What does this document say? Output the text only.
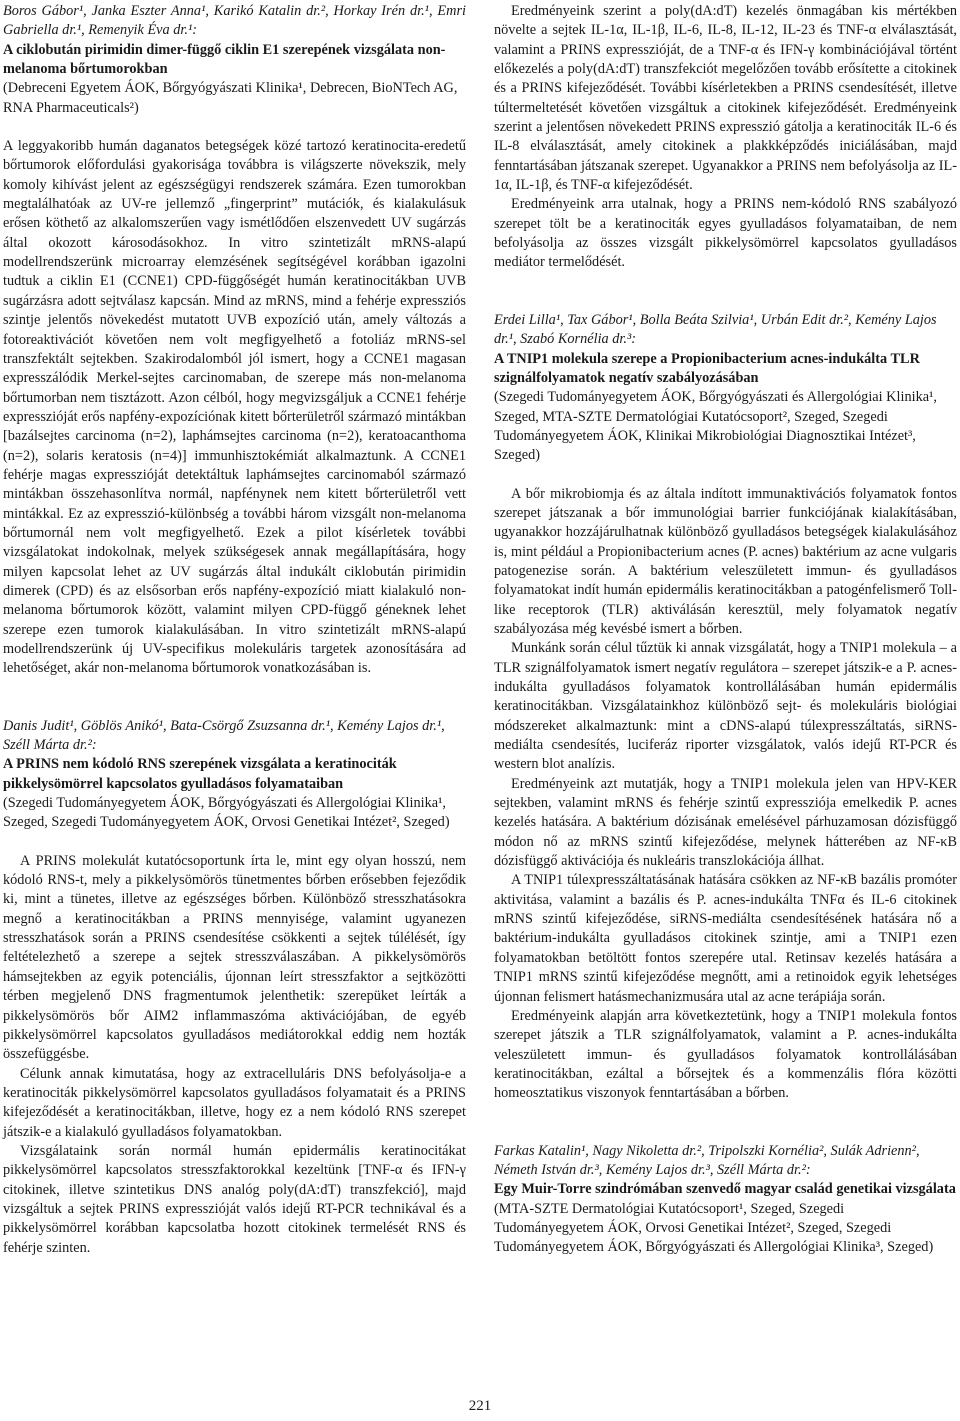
Boros Gábor¹, Janka Eszter Anna¹, Karikó Katalin dr.², Horkay Irén dr.¹, Emri Gabriella dr.¹, Remenyik Éva dr.¹:

A ciklobután pirimidin dimer-függő ciklin E1 szerepének vizsgálata non-melanoma bőrtumorokban

(Debreceni Egyetem ÁOK, Bőrgyógyászati Klinika¹, Debrecen, BioNTech AG, RNA Pharmaceuticals²)

A leggyakoribb humán daganatos betegségek közé tartozó keratinocita-eredetű bőrtumorok előfordulási gyakorisága továbbra is világszerte növekszik, mely komoly kihívást jelent az egészségügyi rendszerek számára. Ezen tumorokban megtalálhatóak az UV-re jellemző „fingerprint” mutációk, és kialakulásuk erősen köthető az alkalomszerűen vagy ismétlődően elszenvedett UV sugárzás által okozott károsodásokhoz. In vitro szintetizált mRNS-alapú modellrendszerünk microarray elemzésének segítségével korábban igazolni tudtuk a ciklin E1 (CCNE1) CPD-függőségét humán keratinocitákban UVB sugárzásra adott sejtválasz kapcsán. Mind az mRNS, mind a fehérje expressziós szintje jelentős növekedést mutatott UVB expozíció után, amely változás a fotoreaktivációt követően nem volt megfigyelhető a fotoliáz mRNS-sel transzfektált sejtekben. Szakirodalomból jól ismert, hogy a CCNE1 magasan expresszálódik Merkel-sejtes carcinomaban, de szerepe más non-melanoma bőrtumorban nem tisztázott. Azon célból, hogy megvizsgáljuk a CCNE1 fehérje expresszióját erős napfény-expozíciónak kitett bőrterületről származó mintákban [bazálsejtes carcinoma (n=2), laphámsejtes carcinoma (n=2), keratoacanthoma (n=2), solaris keratosis (n=4)] immunhisztokémiát alkalmaztunk. A CCNE1 fehérje magas expresszióját detektáltuk laphámsejtes carcinomaból származó mintákban összehasonlítva normál, napfénynek nem kitett bőrterületről vett mintákkal. Ez az expresszió-különbség a további három vizsgált non-melanoma bőrtumornál nem volt megfigyelhető. Ezek a pilot kísérletek további vizsgálatokat indokolnak, melyek szükségesek annak megállapítására, hogy milyen kapcsolat lehet az UV sugárzás által indukált ciklobután pirimidin dimerek (CPD) és az elsősorban erős napfény-expozíció miatt kialakuló non-melanoma bőrtumorok között, valamint milyen CPD-függő géneknek lehet szerepe ezen tumorok kialakulásában. In vitro szintetizált mRNS-alapú modellrendszerünk új UV-specifikus molekuláris targetek azonosítására ad lehetőséget, akár non-melanoma bőrtumorok vonatkozásában is.

Danis Judit¹, Göblös Anikó¹, Bata-Csörgő Zsuzsanna dr.¹, Kemény Lajos dr.¹, Széll Márta dr.²:

A PRINS nem kódoló RNS szerepének vizsgálata a keratinociták pikkelysömörrel kapcsolatos gyulladásos folyamataiban

(Szegedi Tudományegyetem ÁOK, Bőrgyógyászati és Allergológiai Klinika¹, Szeged, Szegedi Tudományegyetem ÁOK, Orvosi Genetikai Intézet², Szeged)

A PRINS molekulát kutatócsoportunk írta le, mint egy olyan hosszú, nem kódoló RNS-t, mely a pikkelysömörös tünetmentes bőrben erősebben fejeződik ki, mint a tünetes, illetve az egészséges bőrben. Különböző stresszhatásokra megnő a keratinocitákban a PRINS mennyisége, valamint ugyanezen stresszhatások során a PRINS csendesítése csökkenti a sejtek túlélését, így feltételezhető a szerepe a sejtek stresszválaszában. A pikkelysömörös hámsejtekben az egyik potenciális, újonnan leírt stresszfaktor a sejtközötti térben megjelenő DNS fragmentumok jelenthetik: szerepüket leírták a pikkelysömörös bőr AIM2 inflammaszóma aktivációjában, de egyéb pikkelysömörrel kapcsolatos gyulladásos mediátorokkal eddig nem hozták összefüggésbe.

Célunk annak kimutatása, hogy az extracelluláris DNS befolyásolja-e a keratinociták pikkelysömörrel kapcsolatos gyulladásos folyamatait és a PRINS kifejeződését a keratinocitákban, illetve, hogy ez a nem kódoló RNS szerepet játszik-e a kialakuló gyulladásos folyamatokban.

Vizsgálataink során normál humán epidermális keratinocitákat pikkelysömörrel kapcsolatos stresszfaktorokkal kezeltünk [TNF-α és IFN-γ citokinek, illetve szintetikus DNS analóg poly(dA:dT) transzfekció], majd vizsgáltuk a sejtek PRINS expresszióját valós idejű RT-PCR technikával és a pikkelysömörrel korábban kapcsolatba hozott citokinek termelését RNS és fehérje szinten.

Eredményeink szerint a poly(dA:dT) kezelés önmagában kis mértékben növelte a sejtek IL-1α, IL-1β, IL-6, IL-8, IL-12, IL-23 és TNF-α elválasztását, valamint a PRINS expresszióját, de a TNF-α és IFN-γ kombinációjával történt előkezelés a poly(dA:dT) transzfekciót megelőzően tovább erősítette a citokinek és a PRINS kifejeződését. További kísérletekben a PRINS csendesítését, illetve túltermeltetését követően vizsgáltuk a citokinek kifejeződését. Eredményeink szerint a jelentősen növekedett PRINS expresszió gátolja a keratinociták IL-6 és IL-8 elválasztását, amely citokinek a plakkképződés iniciálásában, majd fenntartásában játszanak szerepet. Ugyanakkor a PRINS nem befolyásolja az IL-1α, IL-1β, és TNF-α kifejeződését.

Eredményeink arra utalnak, hogy a PRINS nem-kódoló RNS szabályozó szerepet tölt be a keratinociták egyes gyulladásos folyamataiban, de nem befolyásolja az összes vizsgált pikkelysömörrel kapcsolatos gyulladásos mediátor termelődését.

Erdei Lilla¹, Tax Gábor¹, Bolla Beáta Szilvia¹, Urbán Edit dr.², Kemény Lajos dr.¹, Szabó Kornélia dr.³:

A TNIP1 molekula szerepe a Propionibacterium acnes-indukálta TLR szignálfolyamatok negatív szabályozásában

(Szegedi Tudományegyetem ÁOK, Bőrgyógyászati és Allergológiai Klinika¹, Szeged, MTA-SZTE Dermatológiai Kutatócsoport², Szeged, Szegedi Tudományegyetem ÁOK, Klinikai Mikrobiológiai Diagnosztikai Intézet³, Szeged)

A bőr mikrobiomja és az általa indított immunaktivációs folyamatok fontos szerepet játszanak a bőr immunológiai barrier funkciójának kialakításában, ugyanakkor hozzájárulhatnak különböző gyulladásos betegségek kialakulásához is, mint például a Propionibacterium acnes (P. acnes) baktérium az acne vulgaris patogenezise során. A baktérium veleszületett immun- és gyulladásos folyamatokat indít humán epidermális keratinocitákban a patogénfelismerő Toll-like receptorok (TLR) aktiválásán keresztül, mely folyamatok negatív szabályozása még kevésbé ismert a bőrben.

Munkánk során célul tűztük ki annak vizsgálatát, hogy a TNIP1 molekula – a TLR szignálfolyamatok ismert negatív regulátora – szerepet játszik-e a P. acnes-indukálta gyulladásos folyamatok kontrollálásában humán epidermális keratinocitákban. Vizsgálatainkhoz különböző sejt- és molekuláris biológiai módszereket alkalmaztunk: mint a cDNS-alapú túlexpresszáltatás, siRNS-mediálta csendesítés, luciferáz riporter vizsgálatok, valós idejű RT-PCR és western blot analízis.

Eredményeink azt mutatják, hogy a TNIP1 molekula jelen van HPV-KER sejtekben, valamint mRNS és fehérje szintű expressziója emelkedik P. acnes kezelés hatására. A baktérium dózisának emelésével párhuzamosan dózisfüggő módon nő az mRNS szintű kifejeződése, melynek hátterében az NF-κB dózisfüggő aktivációja és nukleáris transzlokációja állhat.

A TNIP1 túlexpresszáltatásának hatására csökken az NF-κB bazális promóter aktivitása, valamint a bazális és P. acnes-indukálta TNFα és IL-6 citokinek mRNS szintű kifejeződése, siRNS-mediálta csendesítésének hatására nő a baktérium-indukálta gyulladásos citokinek szintje, ami a TNIP1 ezen folyamatokban betöltött fontos szerepére utal. Retinsav kezelés hatására a TNIP1 mRNS szintű kifejeződése megnőtt, ami a retinoidok egyik lehetséges újonnan felismert hatásmechanizmusára utal az acne terápiája során.

Eredményeink alapján arra következtetünk, hogy a TNIP1 molekula fontos szerepet játszik a TLR szignálfolyamatok, valamint a P. acnes-indukálta veleszületett immun- és gyulladásos folyamatok kontrollálásában keratinocitákban, ezáltal a bőrsejtek és a kommenzális flóra közötti homeosztatikus viszonyok fenntartásában a bőrben.

Farkas Katalin¹, Nagy Nikoletta dr.², Tripolszki Kornélia², Sulák Adrienn², Németh István dr.³, Kemény Lajos dr.³, Széll Márta dr.²:

Egy Muir-Torre szindrómában szenvedő magyar család genetikai vizsgálata

(MTA-SZTE Dermatológiai Kutatócsoport¹, Szeged, Szegedi Tudományegyetem ÁOK, Orvosi Genetikai Intézet², Szeged, Szegedi Tudományegyetem ÁOK, Bőrgyógyászati és Allergológiai Klinika³, Szeged)

221
